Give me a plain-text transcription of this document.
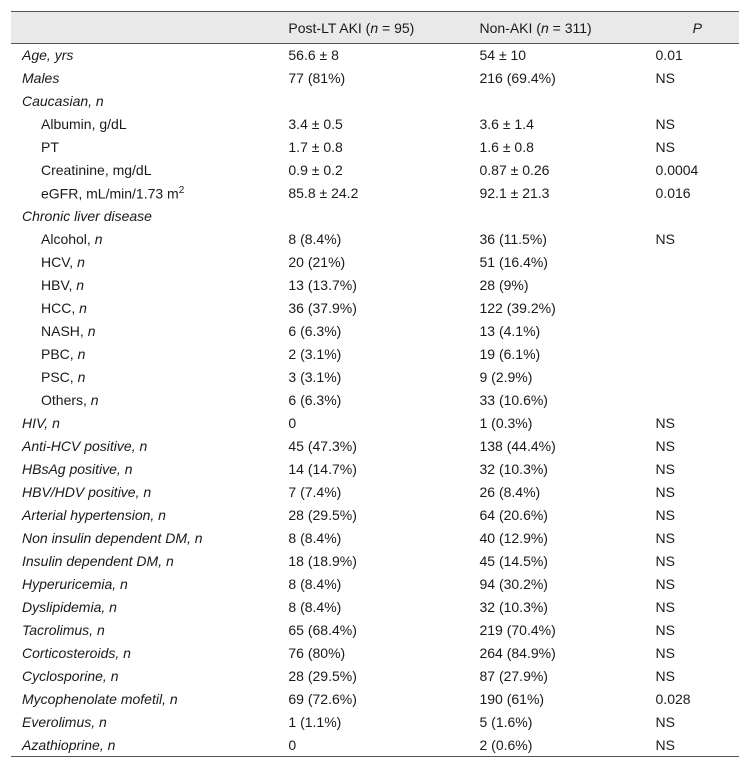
	Post-LT AKI (n = 95)	Non-AKI (n = 311)	P
Age, yrs	56.6 ± 8	54 ± 10	0.01
Males	77 (81%)	216 (69.4%)	NS
Caucasian, n			
Albumin, g/dL	3.4 ± 0.5	3.6 ± 1.4	NS
PT	1.7 ± 0.8	1.6 ± 0.8	NS
Creatinine, mg/dL	0.9 ± 0.2	0.87 ± 0.26	0.0004
eGFR, mL/min/1.73 $m^2$	85.8 ± 24.2	92.1 ± 21.3	0.016
Chronic liver disease			
Alcohol, n	8 (8.4%)	36 (11.5%)	NS
HCV, n	20 (21%)	51 (16.4%)	
HBV, n	13 (13.7%)	28 (9%)	
HCC, n	36 (37.9%)	122 (39.2%)	
NASH, n	6 (6.3%)	13 (4.1%)	
PBC, n	2 (3.1%)	19 (6.1%)	
PSC, n	3 (3.1%)	9 (2.9%)	
Others, n	6 (6.3%)	33 (10.6%)	
HIV, n	0	1 (0.3%)	NS
Anti-HCV positive, n	45 (47.3%)	138 (44.4%)	NS
HBsAg positive, n	14 (14.7%)	32 (10.3%)	NS
HBV/HDV positive, n	7 (7.4%)	26 (8.4%)	NS
Arterial hypertension, n	28 (29.5%)	64 (20.6%)	NS
Non insulin dependent DM, n	8 (8.4%)	40 (12.9%)	NS
Insulin dependent DM, n	18 (18.9%)	45 (14.5%)	NS
Hyperuricemia, n	8 (8.4%)	94 (30.2%)	NS
Dyslipidemia, n	8 (8.4%)	32 (10.3%)	NS
Tacrolimus, n	65 (68.4%)	219 (70.4%)	NS
Corticosteroids, n	76 (80%)	264 (84.9%)	NS
Cyclosporine, n	28 (29.5%)	87 (27.9%)	NS
Mycophenolate mofetil, n	69 (72.6%)	190 (61%)	0.028
Everolimus, n	1 (1.1%)	5 (1.6%)	NS
Azathioprine, n	0	2 (0.6%)	NS
